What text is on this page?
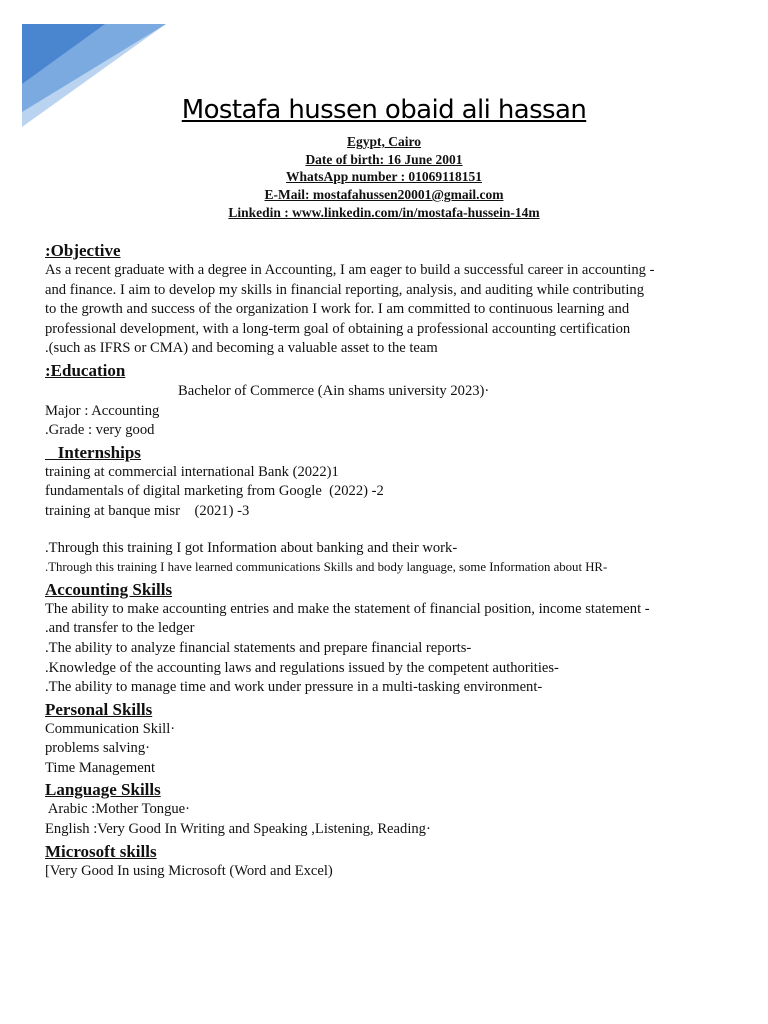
Mostafa hussen obaid ali hassan
Egypt, Cairo
Date of birth: 16 June 2001
WhatsApp number : 01069118151
E-Mail: mostafahussen20001@gmail.com
Linkedin : www.linkedin.com/in/mostafa-hussein-14m
:Objective
As a recent graduate with a degree in Accounting, I am eager to build a successful career in accounting -
and finance. I aim to develop my skills in financial reporting, analysis, and auditing while contributing
to the growth and success of the organization I work for. I am committed to continuous learning and
professional development, with a long-term goal of obtaining a professional accounting certification
.(such as IFRS or CMA) and becoming a valuable asset to the team
:Education
Bachelor of Commerce (Ain shams university 2023)·
Major : Accounting
.Grade : very good
Internships
training at commercial international Bank (2022)1
fundamentals of digital marketing from Google  (2022) -2
training at banque misr    (2021) -3
.Through this training I got Information about banking and their work-
.Through this training I have learned communications Skills and body language, some Information about HR-
Accounting Skills
The ability to make accounting entries and make the statement of financial position, income statement -
.and transfer to the ledger
.The ability to analyze financial statements and prepare financial reports-
.Knowledge of the accounting laws and regulations issued by the competent authorities-
.The ability to manage time and work under pressure in a multi-tasking environment-
Personal Skills
Communication Skill·
problems salving·
Time Management
Language Skills
Arabic :Mother Tongue·
English :Very Good In Writing and Speaking ,Listening, Reading·
Microsoft skills
[Very Good In using Microsoft (Word and Excel)
